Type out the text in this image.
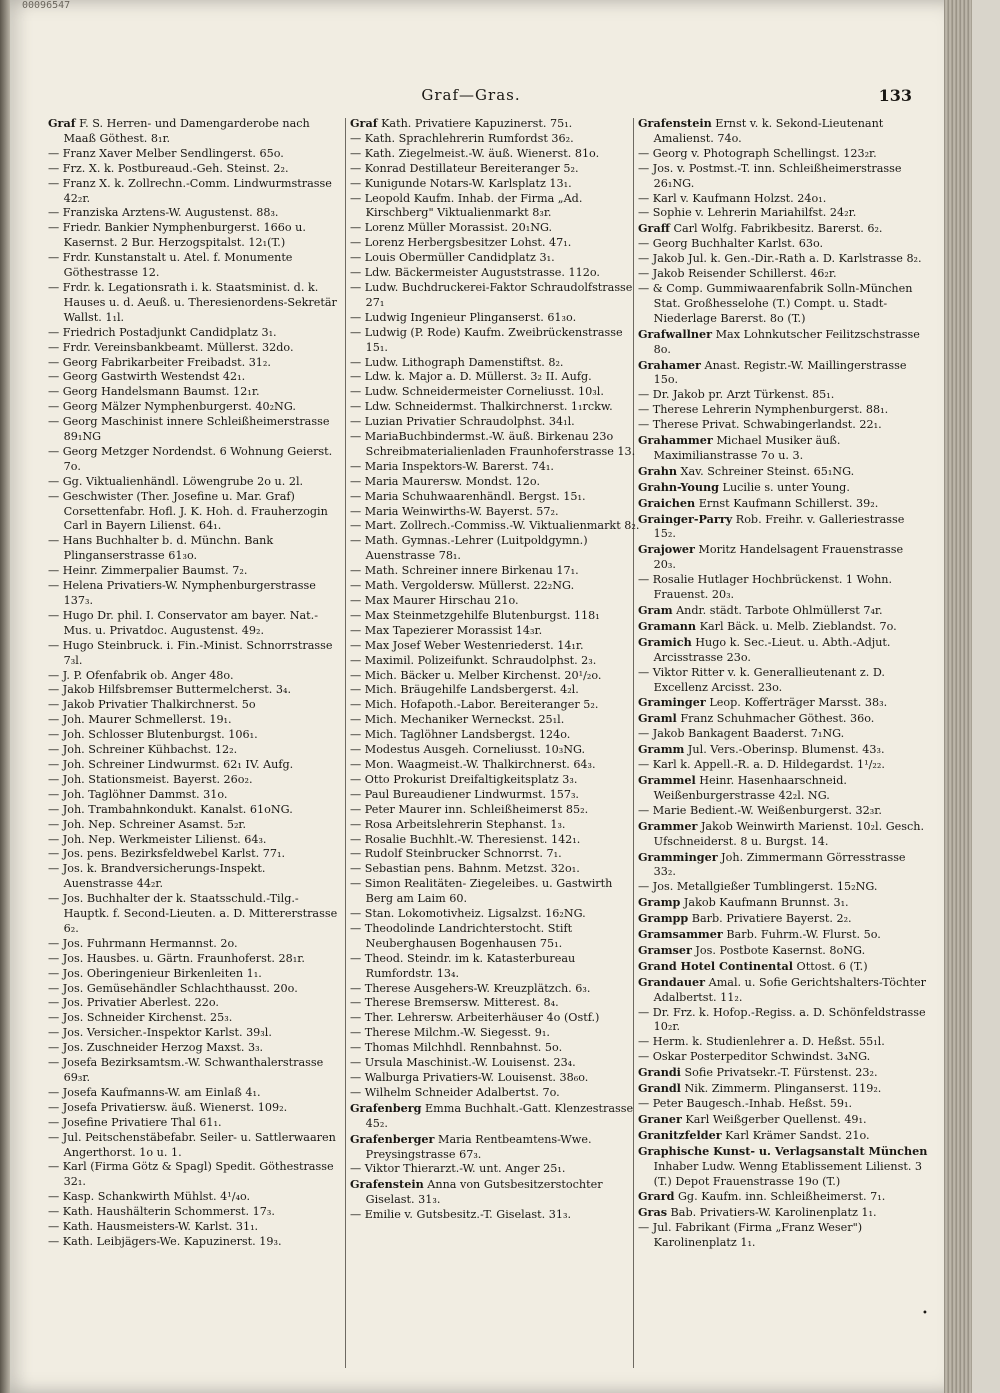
00096547
Graf—Gras.	133
Graf F. S. Herren- und Damengarderobe nach Maaß Göthest. 8₁r.
— Franz Xaver Melber Sendlingerst. 65o.
— Frz. X. k. Postbureaud.-Geh. Steinst. 2₂.
— Franz X. k. Zollrechn.-Comm. Lindwurmstrasse 42₂r.
— Franziska Arztens-W. Augustenst. 88₃.
— Friedr. Bankier Nymphenburgerst. 166o u. Kasernst. 2 Bur. Herzogspitalst. 12₁(T.)
— Frdr. Kunstanstalt u. Atel. f. Monumente Göthestrasse 12.
— Frdr. k. Legationsrath i. k. Staatsminist. d. k. Hauses u. d. Aeuß. u. Theresienordens-Sekretär Wallst. 1₁l.
— Friedrich Postadjunkt Candidplatz 3₁.
— Frdr. Vereinsbankbeamt. Müllerst. 32do.
— Georg Fabrikarbeiter Freibadst. 31₂.
— Georg Gastwirth Westendst 42₁.
— Georg Handelsmann Baumst. 12₁r.
— Georg Mälzer Nymphenburgerst. 40₂NG.
— Georg Maschinist innere Schleißheimerstrasse 89₁NG
— Georg Metzger Nordendst. 6 Wohnung Geierst. 7o.
— Gg. Viktualienhändl. Löwengrube 2o u. 2l.
— Geschwister (Ther. Josefine u. Mar. Graf) Corsettenfabr. Hofl. J. K. Hoh. d. Frauherzogin Carl in Bayern Lilienst. 64₁.
— Hans Buchhalter b. d. Münchn. Bank Plinganserstrasse 61₃o.
— Heinr. Zimmerpalier Baumst. 7₂.
— Helena Privatiers-W. Nymphenburgerstrasse 137₃.
— Hugo Dr. phil. I. Conservator am bayer. Nat.-Mus. u. Privatdoc. Augustenst. 49₂.
— Hugo Steinbruck. i. Fin.-Minist. Schnorrstrasse 7₃l.
— J. P. Ofenfabrik ob. Anger 48o.
— Jakob Hilfsbremser Buttermelcherst. 3₄.
— Jakob Privatier Thalkirchnerst. 5o
— Joh. Maurer Schmellerst. 19₁.
— Joh. Schlosser Blutenburgst. 106₁.
— Joh. Schreiner Kühbachst. 12₂.
— Joh. Schreiner Lindwurmst. 62₁ IV. Aufg.
— Joh. Stationsmeist. Bayerst. 26o₂.
— Joh. Taglöhner Dammst. 31o.
— Joh. Trambahnkondukt. Kanalst. 61oNG.
— Joh. Nep. Schreiner Asamst. 5₂r.
— Joh. Nep. Werkmeister Lilienst. 64₃.
— Jos. pens. Bezirksfeldwebel Karlst. 77₁.
— Jos. k. Brandversicherungs-Inspekt. Auenstrasse 44₂r.
— Jos. Buchhalter der k. Staatsschuld.-Tilg.-Hauptk. f. Second-Lieuten. a. D. Mittererstrasse 6₂.
— Jos. Fuhrmann Hermannst. 2o.
— Jos. Hausbes. u. Gärtn. Fraunhoferst. 28₁r.
— Jos. Oberingenieur Birkenleiten 1₁.
— Jos. Gemüsehändler Schlachthausst. 20o.
— Jos. Privatier Aberlest. 22o.
— Jos. Schneider Kirchenst. 25₃.
— Jos. Versicher.-Inspektor Karlst. 39₃l.
— Jos. Zuschneider Herzog Maxst. 3₃.
— Josefa Bezirksamtsm.-W. Schwanthalerstrasse 69₃r.
— Josefa Kaufmanns-W. am Einlaß 4₁.
— Josefa Privatiersw. äuß. Wienerst. 109₂.
— Josefine Privatiere Thal 61₁.
— Jul. Peitschenstäbefabr. Seiler- u. Sattlerwaaren Angerthorst. 1o u. 1.
— Karl (Firma Götz & Spagl) Spedit. Göthestrasse 32₁.
— Kasp. Schankwirth Mühlst. 4¹/₄o.
— Kath. Haushälterin Schommerst. 17₃.
— Kath. Hausmeisters-W. Karlst. 31₁.
— Kath. Leibjägers-We. Kapuzinerst. 19₃.
Graf Kath. Privatiere Kapuzinerst. 75₁.
— Kath. Sprachlehrerin Rumfordst 36₂.
— Kath. Ziegelmeist.-W. äuß. Wienerst. 81o.
— Konrad Destillateur Bereiteranger 5₂.
— Kunigunde Notars-W. Karlsplatz 13₁.
— Leopold Kaufm. Inhab. der Firma „Ad. Kirschberg" Viktualienmarkt 8₃r.
— Lorenz Müller Morassist. 20₁NG.
— Lorenz Herbergsbesitzer Lohst. 47₁.
— Louis Obermüller Candidplatz 3₁.
— Ldw. Bäckermeister Auguststrasse. 112o.
— Ludw. Buchdruckerei-Faktor Schraudolfstrasse 27₁
— Ludwig Ingenieur Plinganserst. 61₃o.
— Ludwig (P. Rode) Kaufm. Zweibrückenstrasse 15₁.
— Ludw. Lithograph Damenstiftst. 8₂.
— Ldw. k. Major a. D. Müllerst. 3₂ II. Aufg.
— Ludw. Schneidermeister Corneliusst. 10₃l.
— Ldw. Schneidermst. Thalkirchnerst. 1₁rckw.
— Luzian Privatier Schraudolphst. 34₁l.
— MariaBuchbindermst.-W. äuß. Birkenau 23o Schreibmaterialienladen Fraunhoferstrasse 13.
— Maria Inspektors-W. Barerst. 74₁.
— Maria Maurersw. Mondst. 12o.
— Maria Schuhwaarenhändl. Bergst. 15₁.
— Maria Weinwirths-W. Bayerst. 57₂.
— Mart. Zollrech.-Commiss.-W. Viktualienmarkt 8₂.
— Math. Gymnas.-Lehrer (Luitpoldgymn.) Auenstrasse 78₁.
— Math. Schreiner innere Birkenau 17₁.
— Math. Vergoldersw. Müllerst. 22₂NG.
— Max Maurer Hirschau 21o.
— Max Steinmetzgehilfe Blutenburgst. 118₁
— Max Tapezierer Morassist 14₃r.
— Max Josef Weber Westenriederst. 14₁r.
— Maximil. Polizeifunkt. Schraudolphst. 2₃.
— Mich. Bäcker u. Melber Kirchenst. 20¹/₂o.
— Mich. Bräugehilfe Landsbergerst. 4₂l.
— Mich. Hofapoth.-Labor. Bereiteranger 5₂.
— Mich. Mechaniker Werneckst. 25₁l.
— Mich. Taglöhner Landsbergst. 124o.
— Modestus Ausgeh. Corneliusst. 10₃NG.
— Mon. Waagmeist.-W. Thalkirchnerst. 64₃.
— Otto Prokurist Dreifaltigkeitsplatz 3₃.
— Paul Bureaudiener Lindwurmst. 157₃.
— Peter Maurer inn. Schleißheimerst 85₂.
— Rosa Arbeitslehrerin Stephanst. 1₃.
— Rosalie Buchhlt.-W. Theresienst. 142₁.
— Rudolf Steinbrucker Schnorrst. 7₁.
— Sebastian pens. Bahnm. Metzst. 32o₁.
— Simon Realitäten- Ziegeleibes. u. Gastwirth Berg am Laim 60.
— Stan. Lokomotivheiz. Ligsalzst. 16₂NG.
— Theodolinde Landrichterstocht. Stift Neuberghausen Bogenhausen 75₁.
— Theod. Steindr. im k. Katasterbureau Rumfordstr. 13₄.
— Therese Ausgehers-W. Kreuzplätzch. 6₃.
— Therese Bremsersw. Mitterest. 8₄.
— Ther. Lehrersw. Arbeiterhäuser 4o (Ostf.)
— Therese Milchm.-W. Siegesst. 9₁.
— Thomas Milchhdl. Rennbahnst. 5o.
— Ursula Maschinist.-W. Louisenst. 23₄.
— Walburga Privatiers-W. Louisenst. 38₆o.
— Wilhelm Schneider Adalbertst. 7o.
Grafenberg Emma Buchhalt.-Gatt. Klenzestrasse 45₂.
Grafenberger Maria Rentbeamtens-Wwe. Preysingstrasse 67₃.
— Viktor Thierarzt.-W. unt. Anger 25₁.
Grafenstein Anna von Gutsbesitzerstochter Giselast. 31₃.
— Emilie v. Gutsbesitz.-T. Giselast. 31₃.
Grafenstein Ernst v. k. Sekond-Lieutenant Amalienst. 74o.
— Georg v. Photograph Schellingst. 123₂r.
— Jos. v. Postmst.-T. inn. Schleißheimerstrasse 26₁NG.
— Karl v. Kaufmann Holzst. 24o₁.
— Sophie v. Lehrerin Mariahilfst. 24₂r.
Graff Carl Wolfg. Fabrikbesitz. Barerst. 6₂.
— Georg Buchhalter Karlst. 63o.
— Jakob Jul. k. Gen.-Dir.-Rath a. D. Karlstrasse 8₂.
— Jakob Reisender Schillerst. 46₂r.
— & Comp. Gummiwaarenfabrik Solln-München Stat. Großhesselohe (T.) Compt. u. Stadt-Niederlage Barerst. 8o (T.)
Grafwallner Max Lohnkutscher Feilitzschstrasse 8o.
Grahamer Anast. Registr.-W. Maillingerstrasse 15o.
— Dr. Jakob pr. Arzt Türkenst. 85₁.
— Therese Lehrerin Nymphenburgerst. 88₁.
— Therese Privat. Schwabingerlandst. 22₁.
Grahammer Michael Musiker äuß. Maximilianstrasse 7o u. 3.
Grahn Xav. Schreiner Steinst. 65₁NG.
Grahn-Young Lucilie s. unter Young.
Graichen Ernst Kaufmann Schillerst. 39₂.
Grainger-Parry Rob. Freihr. v. Galleriestrasse 15₂.
Grajower Moritz Handelsagent Frauenstrasse 20₃.
— Rosalie Hutlager Hochbrückenst. 1 Wohn. Frauenst. 20₃.
Gram Andr. städt. Tarbote Ohlmüllerst 7₄r.
Gramann Karl Bäck. u. Melb. Zieblandst. 7o.
Gramich Hugo k. Sec.-Lieut. u. Abth.-Adjut. Arcisstrasse 23o.
— Viktor Ritter v. k. Generallieutenant z. D. Excellenz Arcisst. 23o.
Graminger Leop. Kofferträger Marsst. 38₃.
Graml Franz Schuhmacher Göthest. 36o.
— Jakob Bankagent Baaderst. 7₁NG.
Gramm Jul. Vers.-Oberinsp. Blumenst. 43₃.
— Karl k. Appell.-R. a. D. Hildegardst. 1¹/₂₂.
Grammel Heinr. Hasenhaarschneid. Weißenburgerstrasse 42₂l. NG.
— Marie Bedient.-W. Weißenburgerst. 32₃r.
Grammer Jakob Weinwirth Marienst. 10₂l. Gesch. Ufschneiderst. 8 u. Burgst. 14.
Gramminger Joh. Zimmermann Görresstrasse 33₂.
— Jos. Metallgießer Tumblingerst. 15₂NG.
Gramp Jakob Kaufmann Brunnst. 3₁.
Grampp Barb. Privatiere Bayerst. 2₂.
Gramsammer Barb. Fuhrm.-W. Flurst. 5o.
Gramser Jos. Postbote Kasernst. 8oNG.
Grand Hotel Continental Ottost. 6 (T.)
Grandauer Amal. u. Sofie Gerichtshalters-Töchter Adalbertst. 11₂.
— Dr. Frz. k. Hofop.-Regiss. a. D. Schönfeldstrasse 10₂r.
— Herm. k. Studienlehrer a. D. Heßst. 55₁l.
— Oskar Posterpeditor Schwindst. 3₄NG.
Grandi Sofie Privatsekr.-T. Fürstenst. 23₂.
Grandl Nik. Zimmerm. Plinganserst. 119₂.
— Peter Baugesch.-Inhab. Heßst. 59₁.
Graner Karl Weißgerber Quellenst. 49₁.
Granitzfelder Karl Krämer Sandst. 21o.
Graphische Kunst- u. Verlagsanstalt München Inhaber Ludw. Wenng Etablissement Lilienst. 3 (T.) Depot Frauenstrasse 19o (T.)
Grard Gg. Kaufm. inn. Schleißheimerst. 7₁.
Gras Bab. Privatiers-W. Karolinenplatz 1₁.
— Jul. Fabrikant (Firma „Franz Weser") Karolinenplatz 1₁.
•
